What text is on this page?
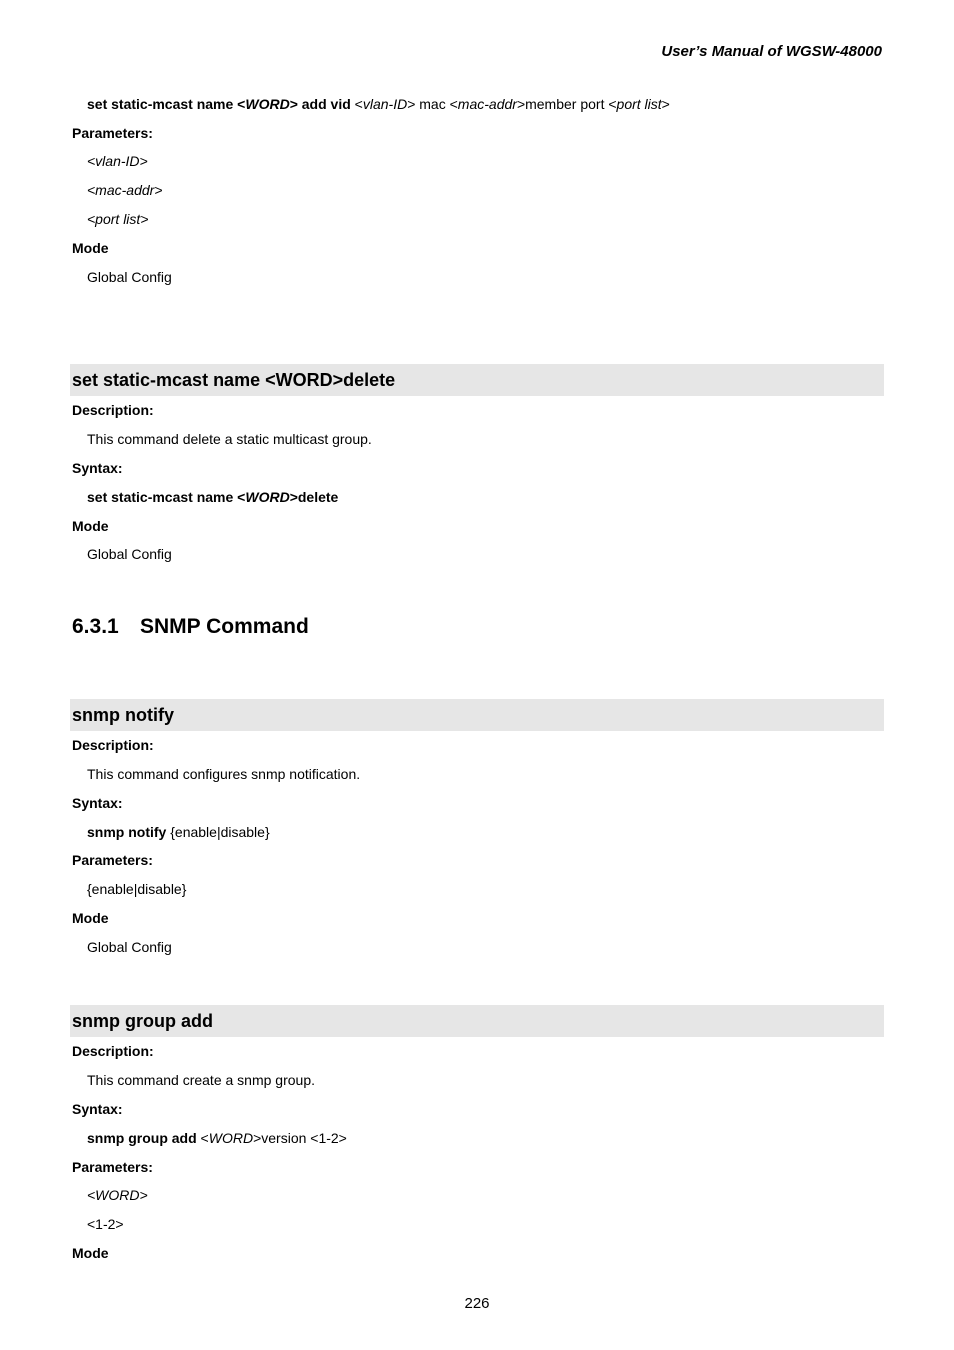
User’s Manual of WGSW-48000
set static-mcast name <WORD> add vid <vlan-ID> mac <mac-addr>member port <port list>
Parameters:
<vlan-ID>
<mac-addr>
<port list>
Mode
Global Config
set static-mcast name <WORD>delete
Description:
This command delete a static multicast group.
Syntax:
set static-mcast name <WORD>delete
Mode
Global Config
6.3.1 SNMP Command
snmp notify
Description:
This command configures snmp notification.
Syntax:
snmp notify {enable|disable}
Parameters:
{enable|disable}
Mode
Global Config
snmp group add
Description:
This command create a snmp group.
Syntax:
snmp group add <WORD>version <1-2>
Parameters:
<WORD>
<1-2>
Mode
226
